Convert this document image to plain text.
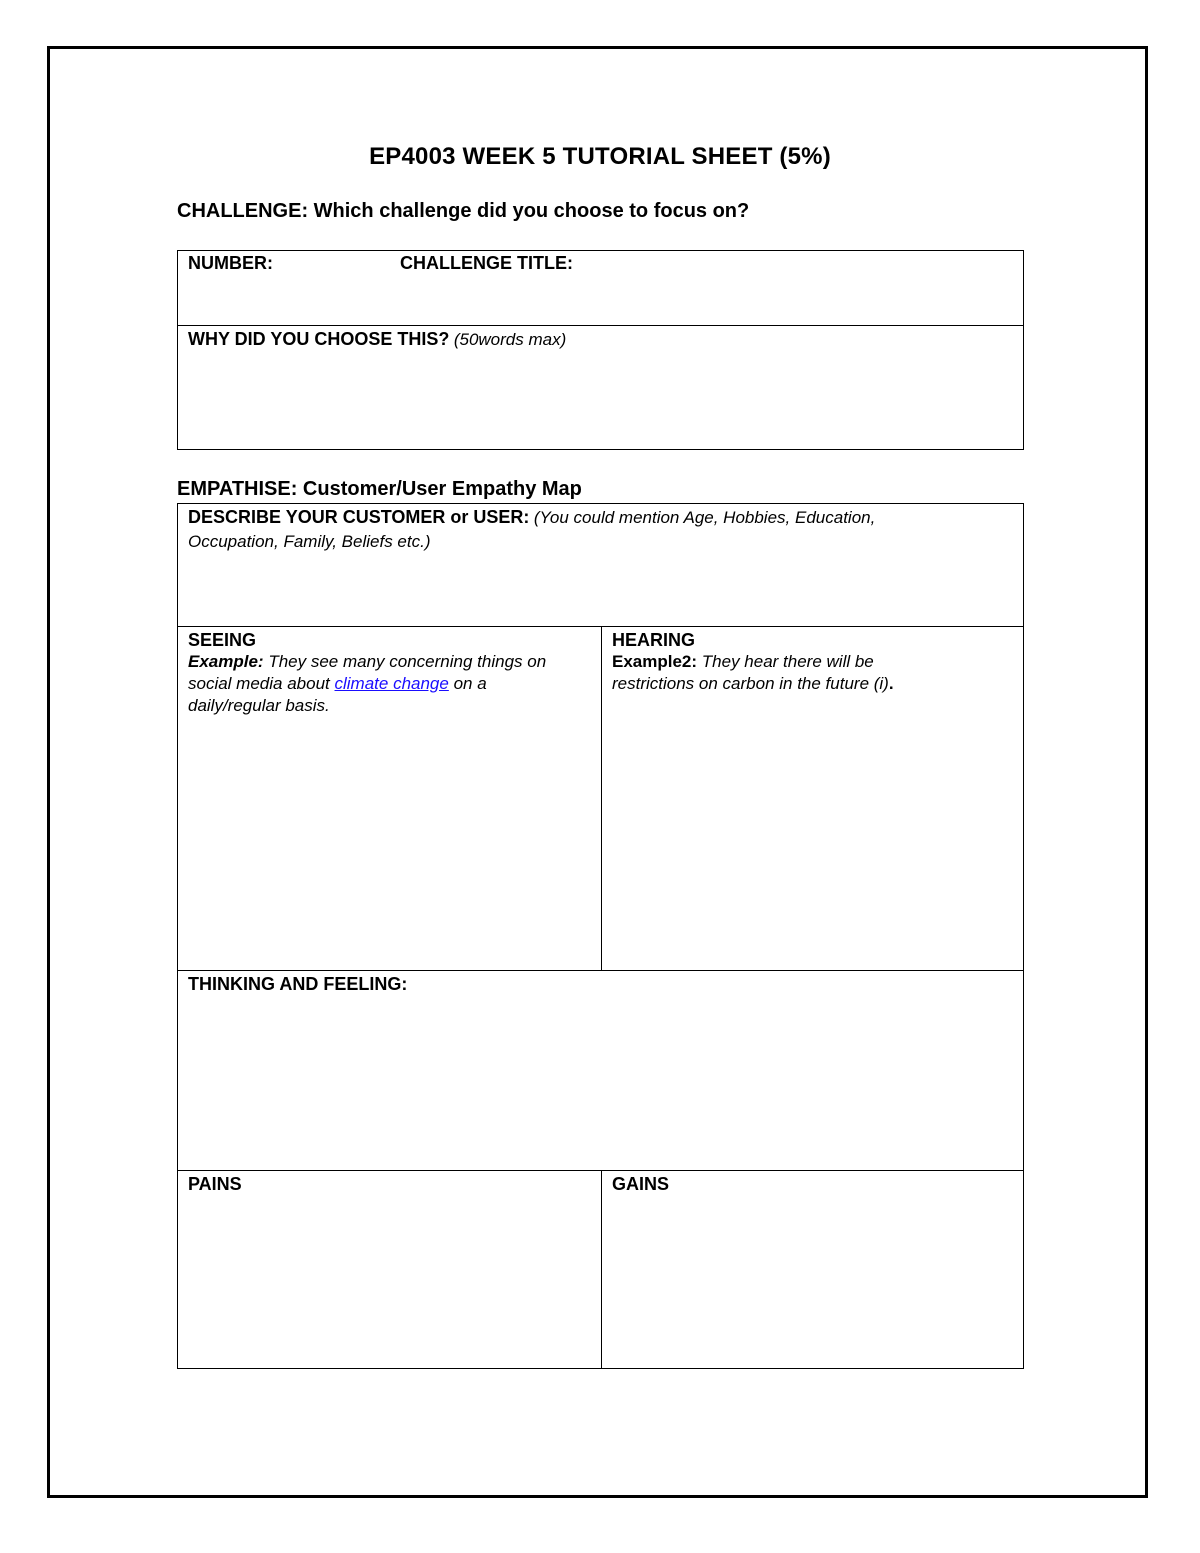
EP4003 WEEK 5 TUTORIAL SHEET (5%)
CHALLENGE: Which challenge did you choose to focus on?
NUMBER:	CHALLENGE TITLE:
WHY DID YOU CHOOSE THIS? (50words max)
EMPATHISE: Customer/User Empathy Map
DESCRIBE YOUR CUSTOMER or USER: (You could mention Age, Hobbies, Education,
Occupation, Family, Beliefs etc.)
SEEING
Example: They see many concerning things on social media about climate change on a daily/regular basis.
HEARING
Example2: They hear there will be restrictions on carbon in the future (i).
THINKING AND FEELING:
PAINS	GAINS
